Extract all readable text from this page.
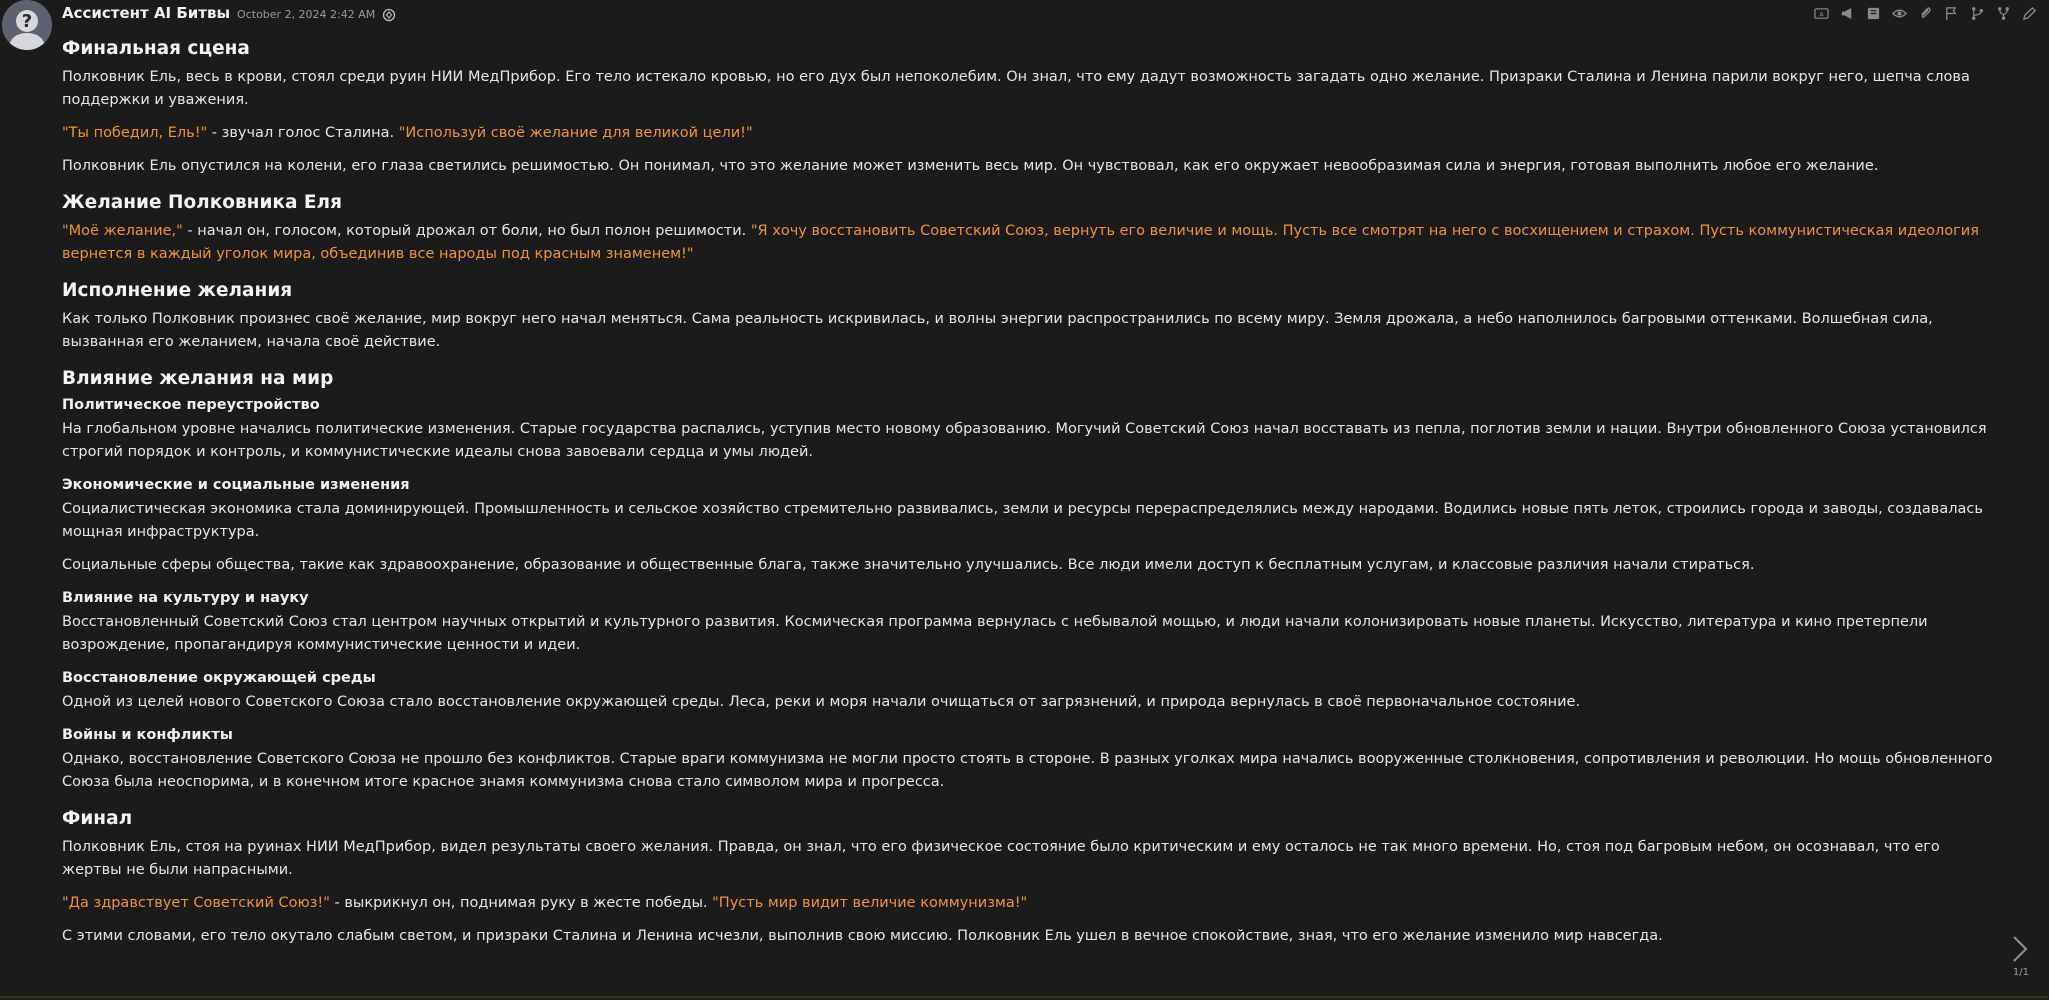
? Ассистент AI Битвы October 2, 2024 2:42 AM	A
Финальная сцена

Полковник Ель, весь в крови, стоял среди руин НИИ МедПрибор. Его тело истекало кровью, но его дух был непоколебим. Он знал, что ему дадут возможность загадать одно желание. Призраки Сталина и Ленина парили вокруг него, шепча слова поддержки и уважения.

"Ты победил, Ель!" - звучал голос Сталина. "Используй своё желание для великой цели!"

Полковник Ель опустился на колени, его глаза светились решимостью. Он понимал, что это желание может изменить весь мир. Он чувствовал, как его окружает невообразимая сила и энергия, готовая выполнить любое его желание.

Желание Полковника Еля

"Моё желание," - начал он, голосом, который дрожал от боли, но был полон решимости. "Я хочу восстановить Советский Союз, вернуть его величие и мощь. Пусть все смотрят на него с восхищением и страхом. Пусть коммунистическая идеология вернется в каждый уголок мира, объединив все народы под красным знаменем!"

Исполнение желания

Как только Полковник произнес своё желание, мир вокруг него начал меняться. Сама реальность искривилась, и волны энергии распространились по всему миру. Земля дрожала, а небо наполнилось багровыми оттенками. Волшебная сила, вызванная его желанием, начала своё действие.

Влияние желания на мир
Политическое переустройство

На глобальном уровне начались политические изменения. Старые государства распались, уступив место новому образованию. Могучий Советский Союз начал восставать из пепла, поглотив земли и нации. Внутри обновленного Союза установился строгий порядок и контроль, и коммунистические идеалы снова завоевали сердца и умы людей.

Экономические и социальные изменения

Социалистическая экономика стала доминирующей. Промышленность и сельское хозяйство стремительно развивались, земли и ресурсы перераспределялись между народами. Водились новые пять леток, строились города и заводы, создавалась мощная инфраструктура.

Социальные сферы общества, такие как здравоохранение, образование и общественные блага, также значительно улучшались. Все люди имели доступ к бесплатным услугам, и классовые различия начали стираться.

Влияние на культуру и науку

Восстановленный Советский Союз стал центром научных открытий и культурного развития. Космическая программа вернулась с небывалой мощью, и люди начали колонизировать новые планеты. Искусство, литература и кино претерпели возрождение, пропагандируя коммунистические ценности и идеи.

Восстановление окружающей среды

Одной из целей нового Советского Союза стало восстановление окружающей среды. Леса, реки и моря начали очищаться от загрязнений, и природа вернулась в своё первоначальное состояние.

Войны и конфликты

Однако, восстановление Советского Союза не прошло без конфликтов. Старые враги коммунизма не могли просто стоять в стороне. В разных уголках мира начались вооруженные столкновения, сопротивления и революции. Но мощь обновленного Союза была неоспорима, и в конечном итоге красное знамя коммунизма снова стало символом мира и прогресса.

Финал

Полковник Ель, стоя на руинах НИИ МедПрибор, видел результаты своего желания. Правда, он знал, что его физическое состояние было критическим и ему осталось не так много времени. Но, стоя под багровым небом, он осознавал, что его жертвы не были напрасными.

"Да здравствует Советский Союз!" - выкрикнул он, поднимая руку в жесте победы. "Пусть мир видит величие коммунизма!"

С этими словами, его тело окутало слабым светом, и призраки Сталина и Ленина исчезли, выполнив свою миссию. Полковник Ель ушел в вечное спокойствие, зная, что его желание изменило мир навсегда.

1/1
